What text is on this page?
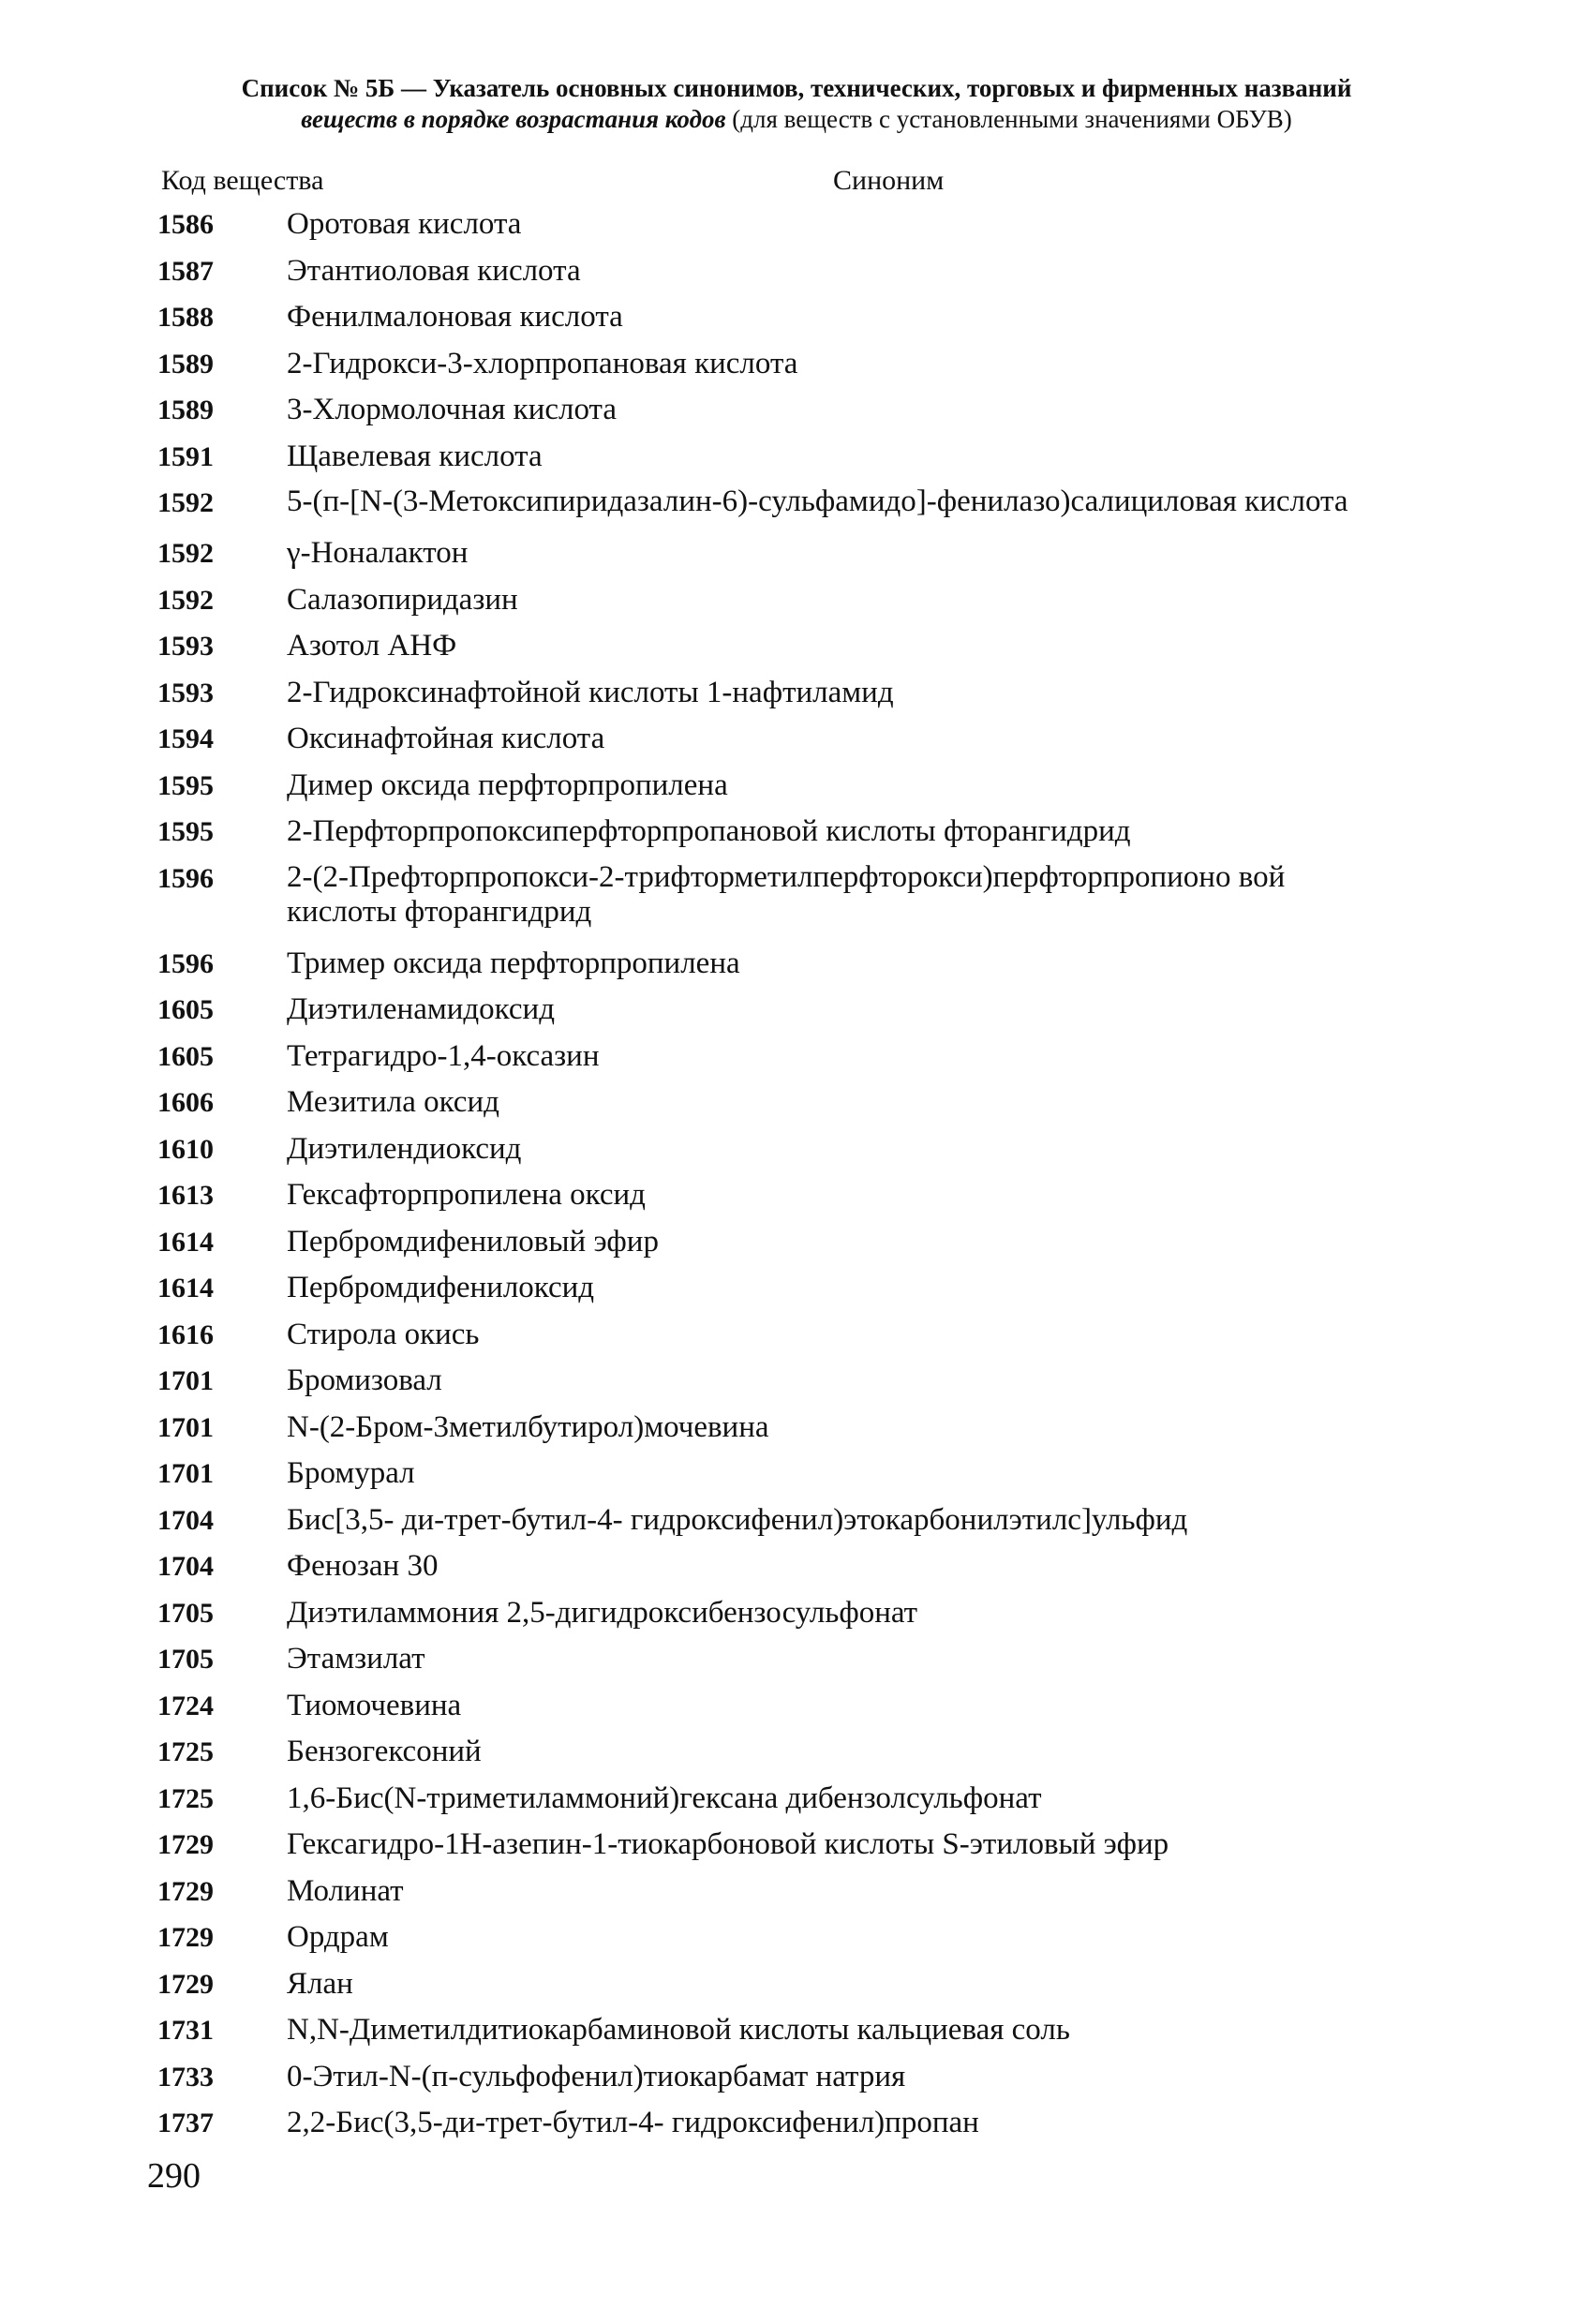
Список № 5Б — Указатель основных синонимов, технических, торговых и фирменных названий
веществ в порядке возрастания кодов (для веществ с установленными значениями ОБУВ)
Код вещества	Синоним
1586	Оротовая кислота
1587	Этантиоловая кислота
1588	Фенилмалоновая кислота
1589	2-Гидрокси-3-хлорпропановая кислота
1589	3-Хлормолочная кислота
1591	Щавелевая кислота
1592	5-(п-[N-(3-Метоксипиридазалин-6)-сульфамидо]-фенилазо)салициловая кислота
1592	γ-Ноналактон
1592	Салазопиридазин
1593	Азотол АНФ
1593	2-Гидроксинафтойной кислоты 1-нафтиламид
1594	Оксинафтойная кислота
1595	Димер оксида перфторпропилена
1595	2-Перфторпропоксиперфторпропановой кислоты фторангидрид
1596	2-(2-Префторпропокси-2-трифторметилперфторокси)перфторпропионо вой кислоты фторангидрид
1596	Тример оксида перфторпропилена
1605	Диэтиленамидоксид
1605	Тетрагидро-1,4-оксазин
1606	Мезитила оксид
1610	Диэтилендиоксид
1613	Гексафторпропилена оксид
1614	Пербромдифениловый эфир
1614	Пербромдифенилоксид
1616	Стирола окись
1701	Бромизовал
1701	N-(2-Бром-3метилбутирол)мочевина
1701	Бромурал
1704	Бис[3,5- ди-трет-бутил-4- гидроксифенил)этокарбонилэтилс]ульфид
1704	Фенозан 30
1705	Диэтиламмония 2,5-дигидроксибензосульфонат
1705	Этамзилат
1724	Тиомочевина
1725	Бензогексоний
1725	1,6-Бис(N-триметиламмоний)гексана дибензолсульфонат
1729	Гексагидро-1Н-азепин-1-тиокарбоновой кислоты S-этиловый эфир
1729	Молинат
1729	Ордрам
1729	Ялан
1731	N,N-Диметилдитиокарбаминовой кислоты кальциевая соль
1733	0-Этил-N-(п-сульфофенил)тиокарбамат натрия
1737	2,2-Бис(3,5-ди-трет-бутил-4- гидроксифенил)пропан
290
